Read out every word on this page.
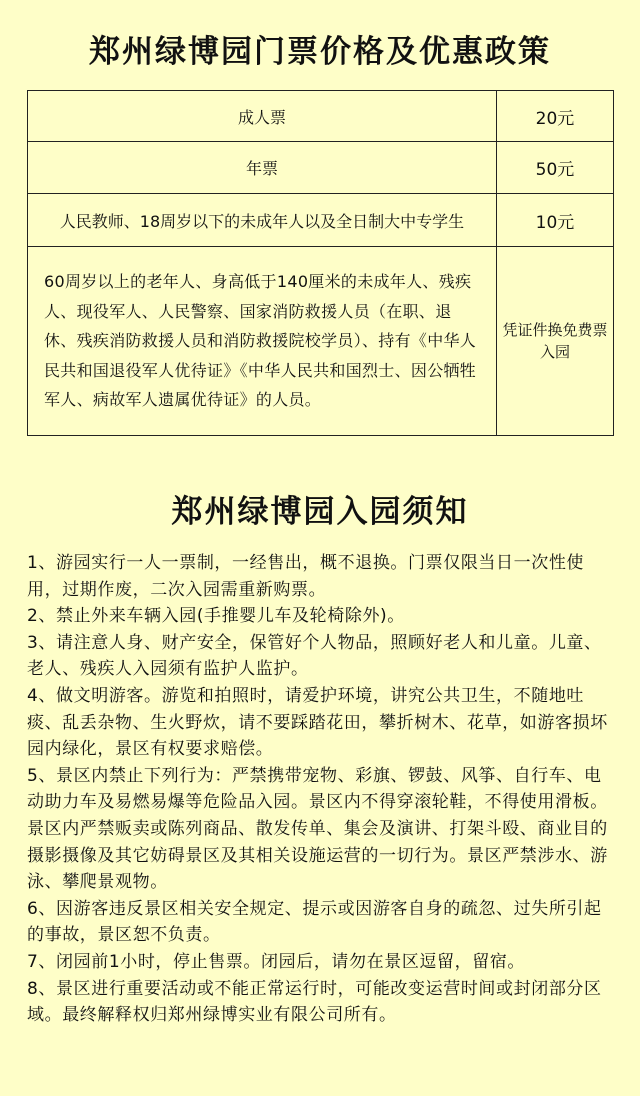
郑州绿博园门票价格及优惠政策
成人票	20元
年票	50元
人民教师、18周岁以下的未成年人以及全日制大中专学生	10元
60周岁以上的老年人、身高低于140厘米的未成年人、残疾人、现役军人、人民警察、国家消防救援人员（在职、退休、残疾消防救援人员和消防救援院校学员）、持有《中华人民共和国退役军人优待证》《中华人民共和国烈士、因公牺牲军人、病故军人遗属优待证》的人员。	凭证件换免费票入园
郑州绿博园入园须知

1、游园实行一人一票制，一经售出，概不退换。门票仅限当日一次性使用，过期作废，二次入园需重新购票。

2、禁止外来车辆入园(手推婴儿车及轮椅除外)。

3、请注意人身、财产安全，保管好个人物品，照顾好老人和儿童。儿童、老人、残疾人入园须有监护人监护。

4、做文明游客。游览和拍照时，请爱护环境，讲究公共卫生，不随地吐痰、乱丢杂物、生火野炊，请不要踩踏花田，攀折树木、花草，如游客损坏园内绿化，景区有权要求赔偿。

5、景区内禁止下列行为：严禁携带宠物、彩旗、锣鼓、风筝、自行车、电动助力车及易燃易爆等危险品入园。景区内不得穿滚轮鞋，不得使用滑板。景区内严禁贩卖或陈列商品、散发传单、集会及演讲、打架斗殴、商业目的摄影摄像及其它妨碍景区及其相关设施运营的一切行为。景区严禁涉水、游泳、攀爬景观物。

6、因游客违反景区相关安全规定、提示或因游客自身的疏忽、过失所引起的事故，景区恕不负责。

7、闭园前1小时，停止售票。闭园后，请勿在景区逗留，留宿。

8、景区进行重要活动或不能正常运行时，可能改变运营时间或封闭部分区域。最终解释权归郑州绿博实业有限公司所有。
